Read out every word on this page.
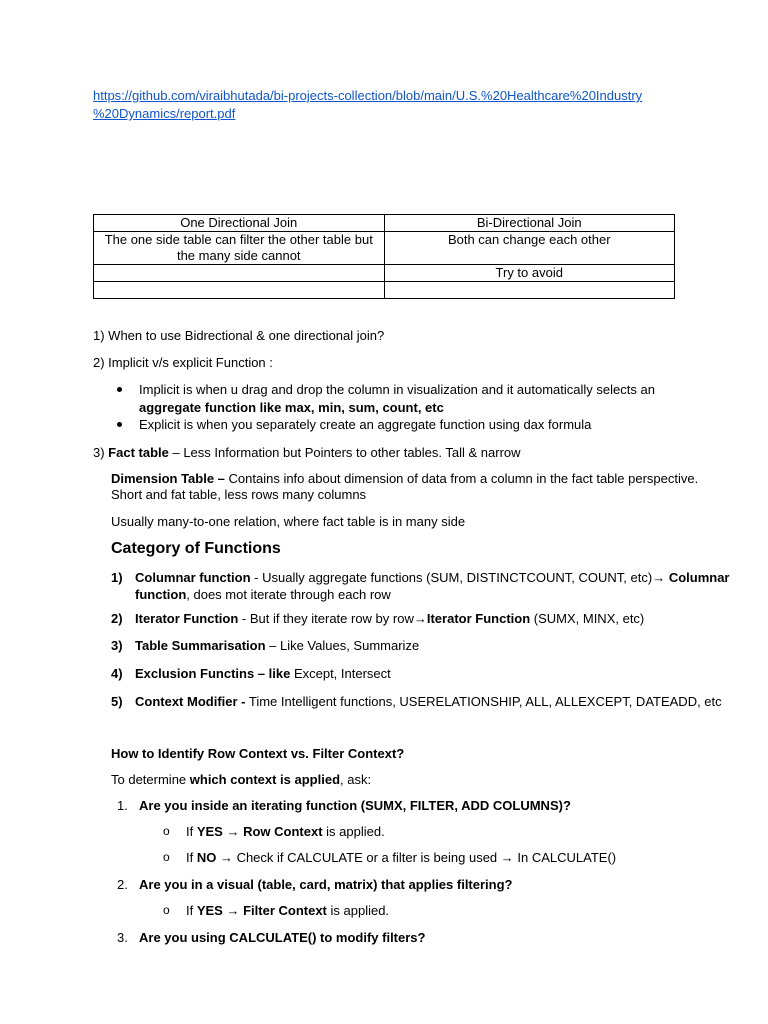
https://github.com/viraibhutada/bi-projects-collection/blob/main/U.S.%20Healthcare%20Industry
%20Dynamics/report.pdf
One Directional Join	Bi-Directional Join

The one side table can filter the other table but
the many side cannot	Both can change each other
	Try to avoid

1) When to use Bidrectional & one directional join?
2) Implicit v/s explicit Function :
Implicit is when u drag and drop the column in visualization and it automatically selects an
aggregate function like max, min, sum, count, etc
Explicit is when you separately create an aggregate function using dax formula
3) Fact table – Less Information but Pointers to other tables. Tall & narrow
Dimension Table – Contains info about dimension of data from a column in the fact table perspective.
Short and fat table, less rows many columns
Usually many-to-one relation, where fact table is in many side
Category of Functions
1) Columnar function - Usually aggregate functions (SUM, DISTINCTCOUNT, COUNT, etc)→ Columnar
function, does mot iterate through each row
2) Iterator Function - But if they iterate row by row→Iterator Function (SUMX, MINX, etc)
3) Table Summarisation – Like Values, Summarize
4) Exclusion Functins – like Except, Intersect
5) Context Modifier - Time Intelligent functions, USERELATIONSHIP, ALL, ALLEXCEPT, DATEADD, etc
How to Identify Row Context vs. Filter Context?
To determine which context is applied, ask:
1. Are you inside an iterating function (SUMX, FILTER, ADD COLUMNS)?
o If YES → Row Context is applied.
o If NO → Check if CALCULATE or a filter is being used → In CALCULATE()
2. Are you in a visual (table, card, matrix) that applies filtering?
o If YES → Filter Context is applied.
3. Are you using CALCULATE() to modify filters?
